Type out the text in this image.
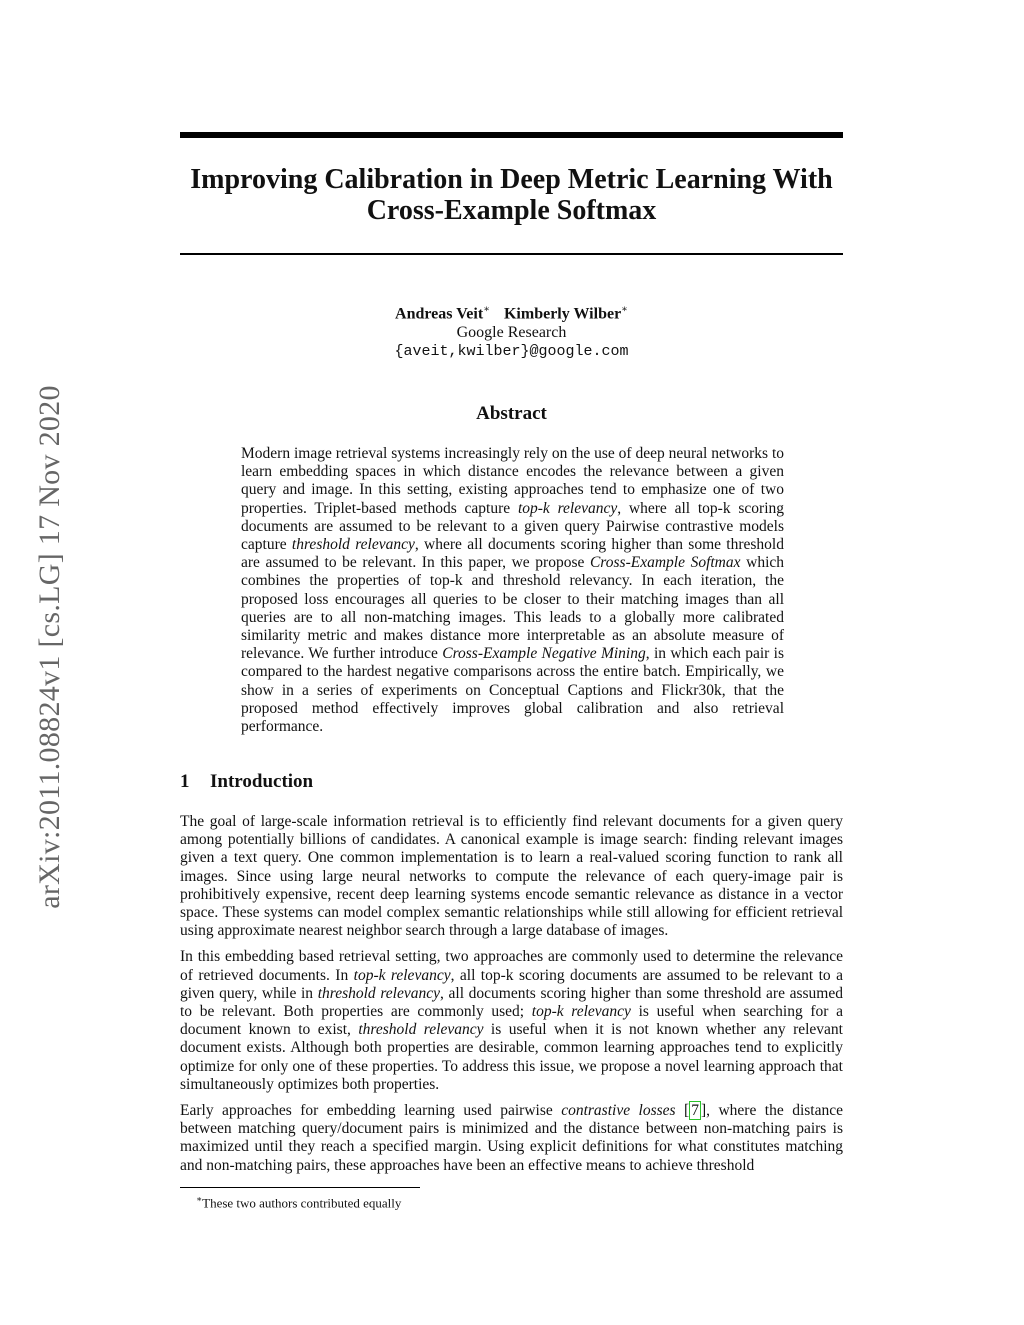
arXiv:2011.08824v1 [cs.LG] 17 Nov 2020
Improving Calibration in Deep Metric Learning With
Cross-Example Softmax
Andreas Veit∗ Kimberly Wilber∗
Google Research
{aveit,kwilber}@google.com
Abstract

Modern image retrieval systems increasingly rely on the use of deep neural networks to learn embedding spaces in which distance encodes the relevance between a given query and image. In this setting, existing approaches tend to emphasize one of two properties. Triplet-based methods capture top-k relevancy, where all top-k scoring documents are assumed to be relevant to a given query Pairwise contrastive models capture threshold relevancy, where all documents scoring higher than some threshold are assumed to be relevant. In this paper, we propose Cross-Example Softmax which combines the properties of top-k and threshold relevancy. In each iteration, the proposed loss encourages all queries to be closer to their matching images than all queries are to all non-matching images. This leads to a globally more calibrated similarity metric and makes distance more interpretable as an absolute measure of relevance. We further introduce Cross-Example Negative Mining, in which each pair is compared to the hardest negative comparisons across the entire batch. Empirically, we show in a series of experiments on Conceptual Captions and Flickr30k, that the proposed method effectively improves global calibration and also retrieval performance.

1 Introduction

The goal of large-scale information retrieval is to efficiently find relevant documents for a given query among potentially billions of candidates. A canonical example is image search: finding relevant images given a text query. One common implementation is to learn a real-valued scoring function to rank all images. Since using large neural networks to compute the relevance of each query-image pair is prohibitively expensive, recent deep learning systems encode semantic relevance as distance in a vector space. These systems can model complex semantic relationships while still allowing for efficient retrieval using approximate nearest neighbor search through a large database of images.

In this embedding based retrieval setting, two approaches are commonly used to determine the relevance of retrieved documents. In top-k relevancy, all top-k scoring documents are assumed to be relevant to a given query, while in threshold relevancy, all documents scoring higher than some threshold are assumed to be relevant. Both properties are commonly used; top-k relevancy is useful when searching for a document known to exist, threshold relevancy is useful when it is not known whether any relevant document exists. Although both properties are desirable, common learning approaches tend to explicitly optimize for only one of these properties. To address this issue, we propose a novel learning approach that simultaneously optimizes both properties.

Early approaches for embedding learning used pairwise contrastive losses [ 7 ], where the distance between matching query/document pairs is minimized and the distance between non-matching pairs is maximized until they reach a specified margin. Using explicit definitions for what constitutes matching and non-matching pairs, these approaches have been an effective means to achieve threshold

∗These two authors contributed equally
